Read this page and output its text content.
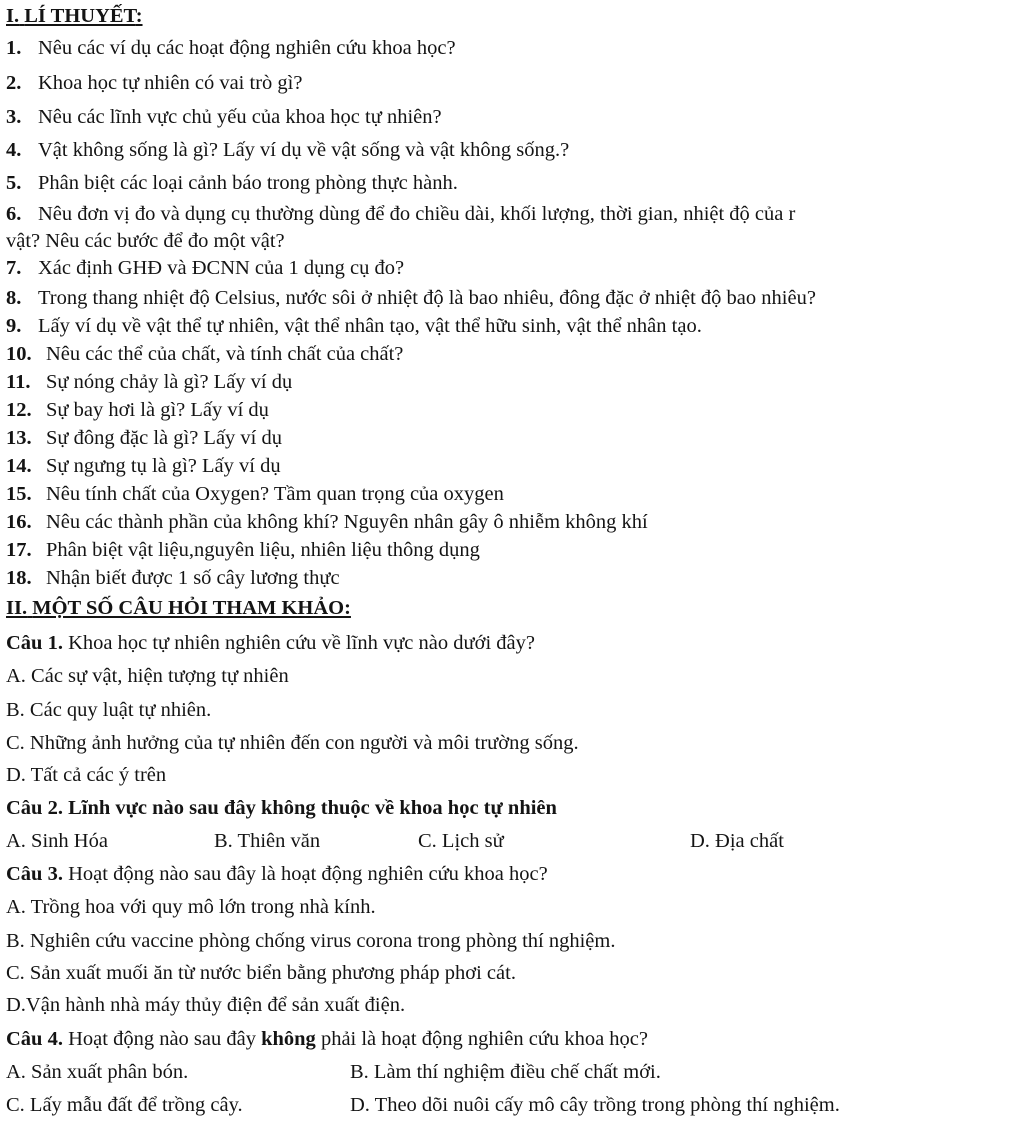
I. LÍ THUYẾT:
1. Nêu các ví dụ các hoạt động nghiên cứu khoa học?
2. Khoa học tự nhiên có vai trò gì?
3. Nêu các lĩnh vực chủ yếu của khoa học tự nhiên?
4. Vật không sống là gì? Lấy ví dụ về vật sống và vật không sống.?
5. Phân biệt các loại cảnh báo trong phòng thực hành.
6. Nêu đơn vị đo và dụng cụ thường dùng để đo chiều dài, khối lượng, thời gian, nhiệt độ của r
vật? Nêu các bước để đo một vật?
7. Xác định GHĐ và ĐCNN của 1 dụng cụ đo?
8. Trong thang nhiệt độ Celsius, nước sôi ở nhiệt độ là bao nhiêu, đông đặc ở nhiệt độ bao nhiêu?
9. Lấy ví dụ về vật thể tự nhiên, vật thể nhân tạo, vật thể hữu sinh, vật thể nhân tạo.
10. Nêu các thể của chất, và tính chất của chất?
11. Sự nóng chảy là gì? Lấy ví dụ
12. Sự bay hơi là gì? Lấy ví dụ
13. Sự đông đặc là gì? Lấy ví dụ
14. Sự ngưng tụ là gì? Lấy ví dụ
15. Nêu tính chất của Oxygen? Tầm quan trọng của oxygen
16. Nêu các thành phần của không khí? Nguyên nhân gây ô nhiễm không khí
17. Phân biệt vật liệu,nguyên liệu, nhiên liệu thông dụng
18. Nhận biết được 1 số cây lương thực
II. MỘT SỐ CÂU HỎI THAM KHẢO:
Câu 1. Khoa học tự nhiên nghiên cứu về lĩnh vực nào dưới đây?
A. Các sự vật, hiện tượng tự nhiên
B. Các quy luật tự nhiên.
C. Những ảnh hưởng của tự nhiên đến con người và môi trường sống.
D. Tất cả các ý trên
Câu 2. Lĩnh vực nào sau đây không thuộc về khoa học tự nhiên
A. Sinh Hóa	B. Thiên văn	C. Lịch sử	D. Địa chất
Câu 3. Hoạt động nào sau đây là hoạt động nghiên cứu khoa học?
A. Trồng hoa với quy mô lớn trong nhà kính.
B. Nghiên cứu vaccine phòng chống virus corona trong phòng thí nghiệm.
C. Sản xuất muối ăn từ nước biển bằng phương pháp phơi cát.
D.Vận hành nhà máy thủy điện để sản xuất điện.
Câu 4. Hoạt động nào sau đây không phải là hoạt động nghiên cứu khoa học?
A. Sản xuất phân bón.	B. Làm thí nghiệm điều chế chất mới.
C. Lấy mẫu đất để trồng cây.	D. Theo dõi nuôi cấy mô cây trồng trong phòng thí nghiệm.
